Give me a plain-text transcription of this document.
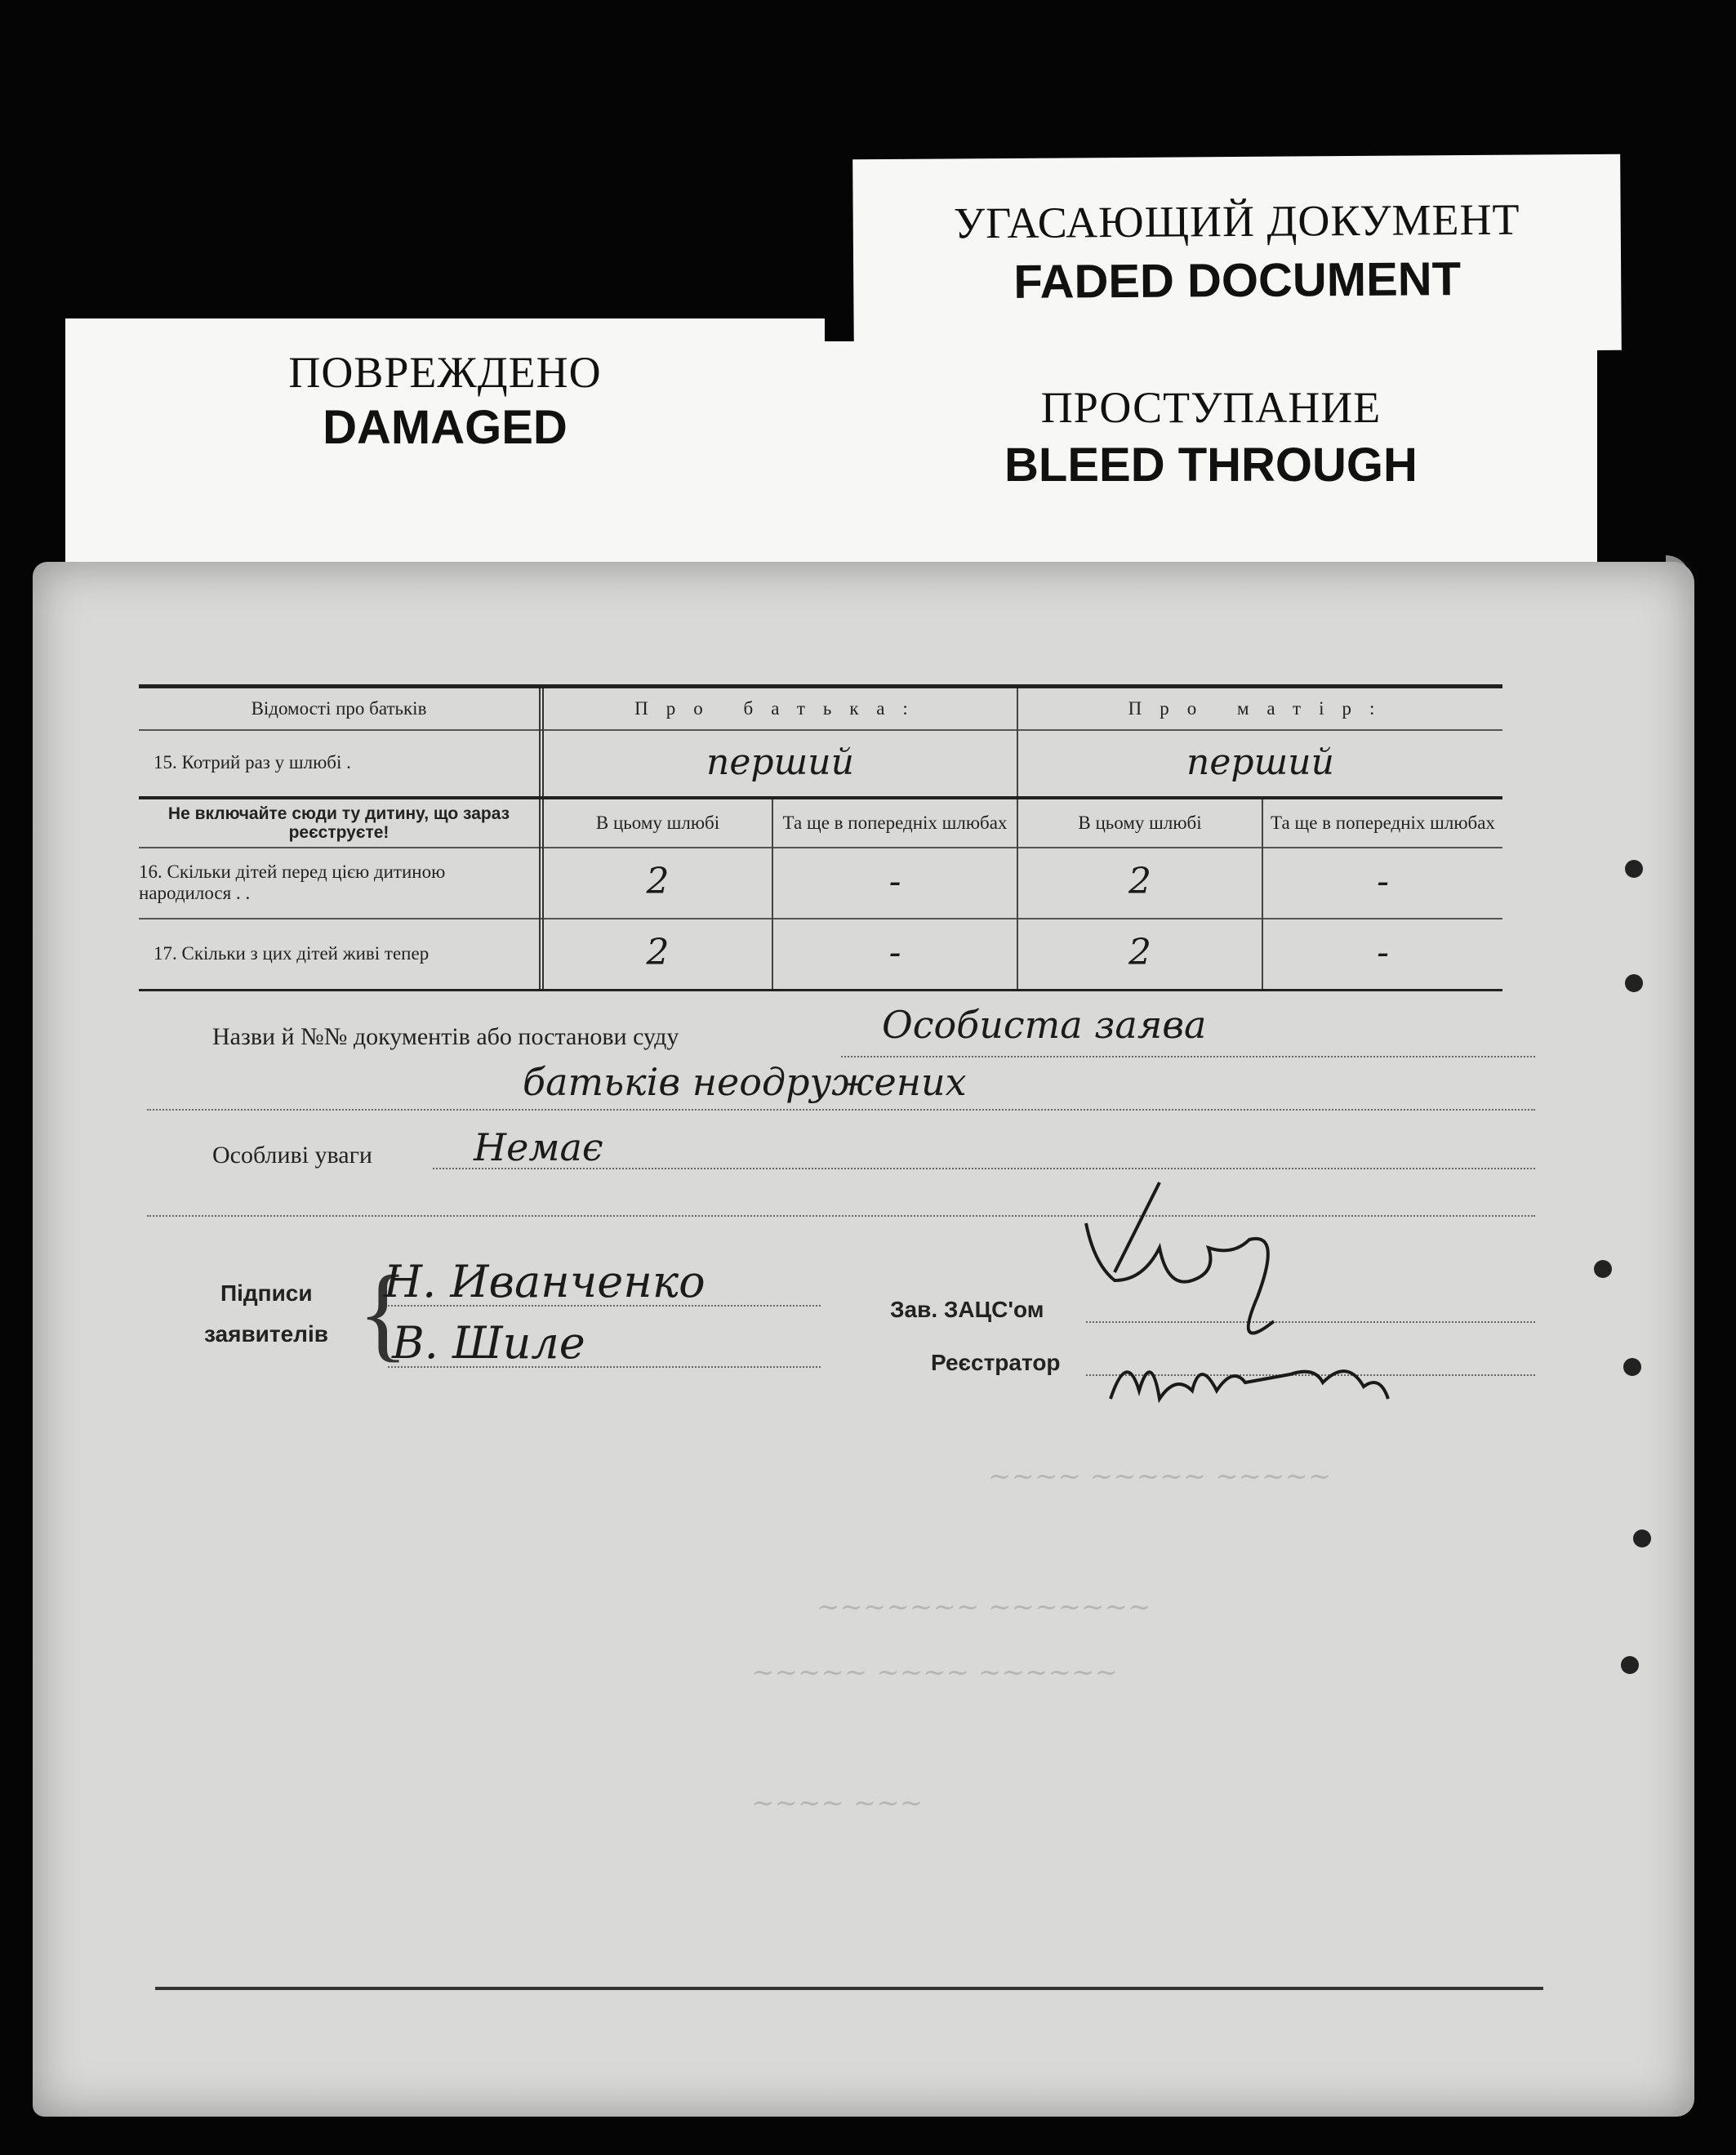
УГАСАЮЩИЙ ДОКУМЕНТ
FADED DOCUMENT
ПОВРЕЖДЕНО
DAMAGED	ПРОСТУПАНИЕ
BLEED THROUGH
~~~~ ~~~~~ ~~~~~
~~~~~~~ ~~~~~~~
~~~~~ ~~~~ ~~~~~~
~~~~ ~~~
Відомості про батьків	Про батька:	Про матір:
15. Котрий раз у шлюбі .	перший	перший
Не включайте сюди ту дитину, що зараз реєструєте!	В цьому шлюбі	Та ще в попередніх шлюбах	В цьому шлюбі	Та ще в попередніх шлюбах
16. Скільки дітей перед цією дитиною народилося . .	2	-	2	-
17. Скільки з цих дітей живі тепер	2	-	2	-
Назви й №№ документів або постанови суду	Особиста заява
батьків неодружених
Особливі уваги	Немає
Підписи
заявителів {
Н. Иванченко
В. Шиле
Зав. ЗАЦС'ом
Реєстратор
